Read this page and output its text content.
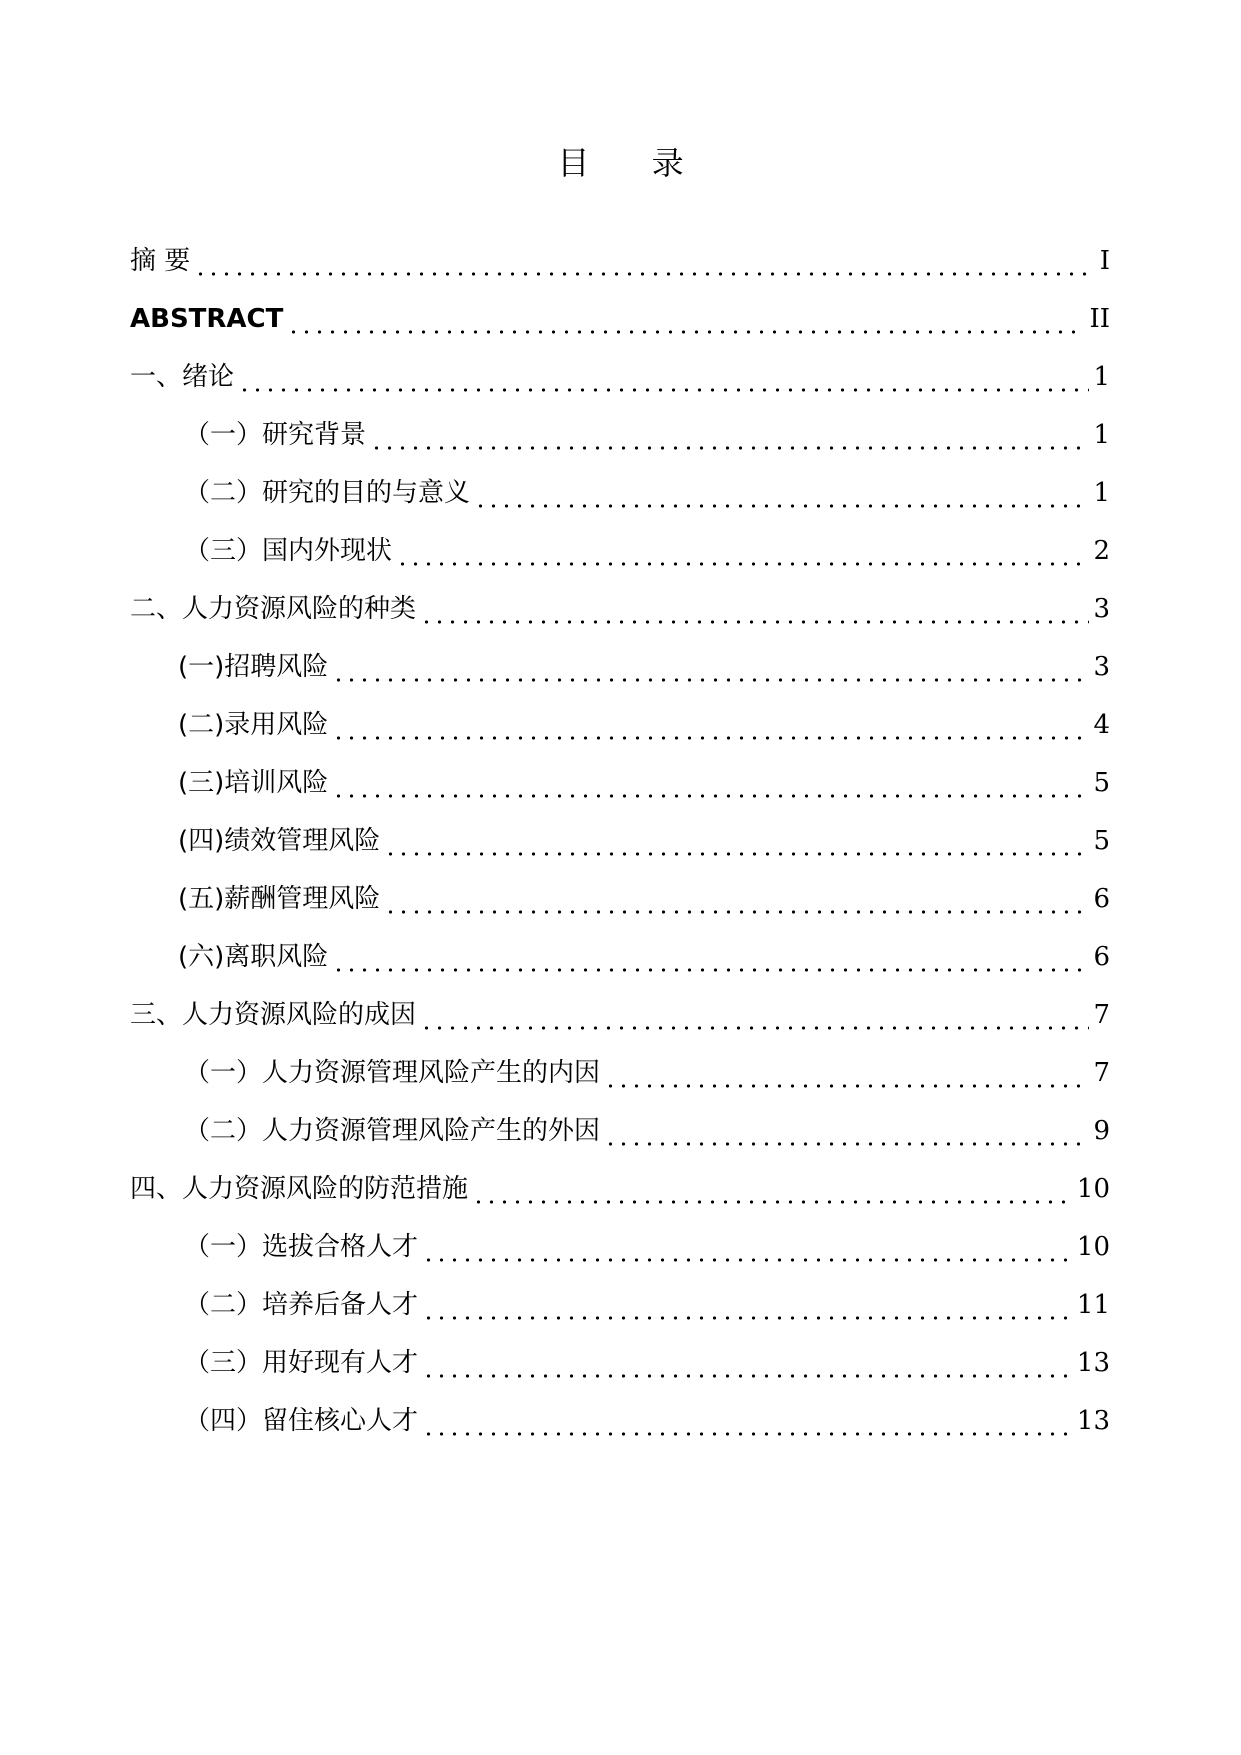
目 录
摘 要	I
ABSTRACT	II
一、绪论	1
（一）研究背景	1
（二）研究的目的与意义	1
（三）国内外现状	2
二、人力资源风险的种类	3
(一)招聘风险	3
(二)录用风险	4
(三)培训风险	5
(四)绩效管理风险	5
(五)薪酬管理风险	6
(六)离职风险	6
三、人力资源风险的成因	7
（一）人力资源管理风险产生的内因	7
（二）人力资源管理风险产生的外因	9
四、人力资源风险的防范措施	10
（一）选拔合格人才	10
（二）培养后备人才	11
（三）用好现有人才	13
（四）留住核心人才	13
